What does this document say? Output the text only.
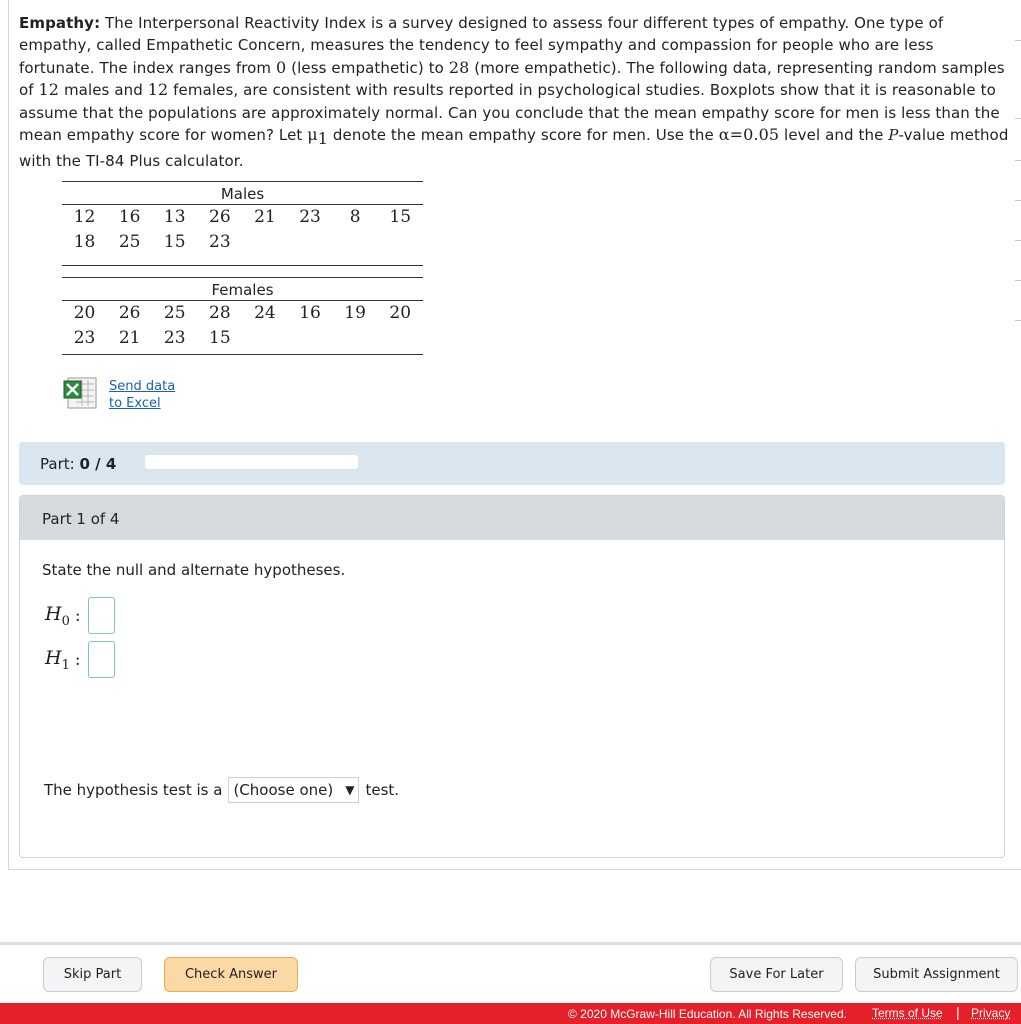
Empathy: The Interpersonal Reactivity Index is a survey designed to assess four different types of empathy. One type of empathy, called Empathetic Concern, measures the tendency to feel sympathy and compassion for people who are less fortunate. The index ranges from 0 (less empathetic) to 28 (more empathetic). The following data, representing random samples of 12 males and 12 females, are consistent with results reported in psychological studies. Boxplots show that it is reasonable to assume that the populations are approximately normal. Can you conclude that the mean empathy score for men is less than the mean empathy score for women? Let $\mu_1$ denote the mean empathy score for men. Use the α=0.05 level and the P-value method with the TI-84 Plus calculator.
Males
12	16	13	26	21	23	8	15
18	25	15	23
Females
20	26	25	28	24	16	19	20
23	21	23	15
Send data
to Excel
Part: 0 / 4
Part 1 of 4
State the null and alternate hypotheses.
$H_0$ :
$H_1$ :
The hypothesis test is a (Choose one) ▼ test.
Skip Part	Check Answer	Save For Later	Submit Assignment
© 2020 McGraw-Hill Education. All Rights Reserved. Terms of Use | Privacy
